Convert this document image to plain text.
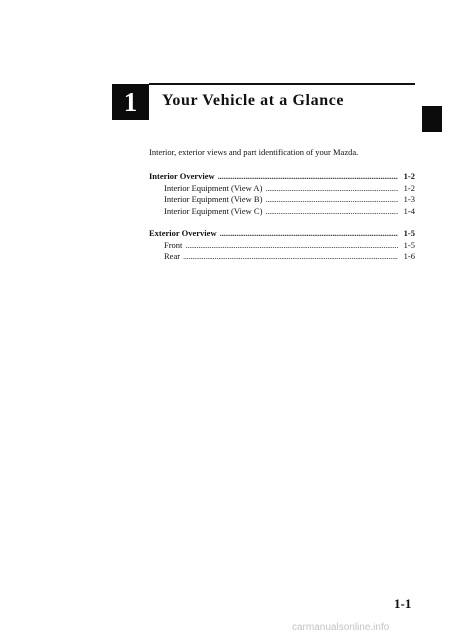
1 Your Vehicle at a Glance
Interior, exterior views and part identification of your Mazda.
Interior Overview . . .	1-2
Interior Equipment (View A) . . .	1-2
Interior Equipment (View B) . . .	1-3
Interior Equipment (View C) . . .	1-4
Exterior Overview . . .	1-5
Front . . .	1-5
Rear . . .	1-6
1-1
carmanualsonline.info
